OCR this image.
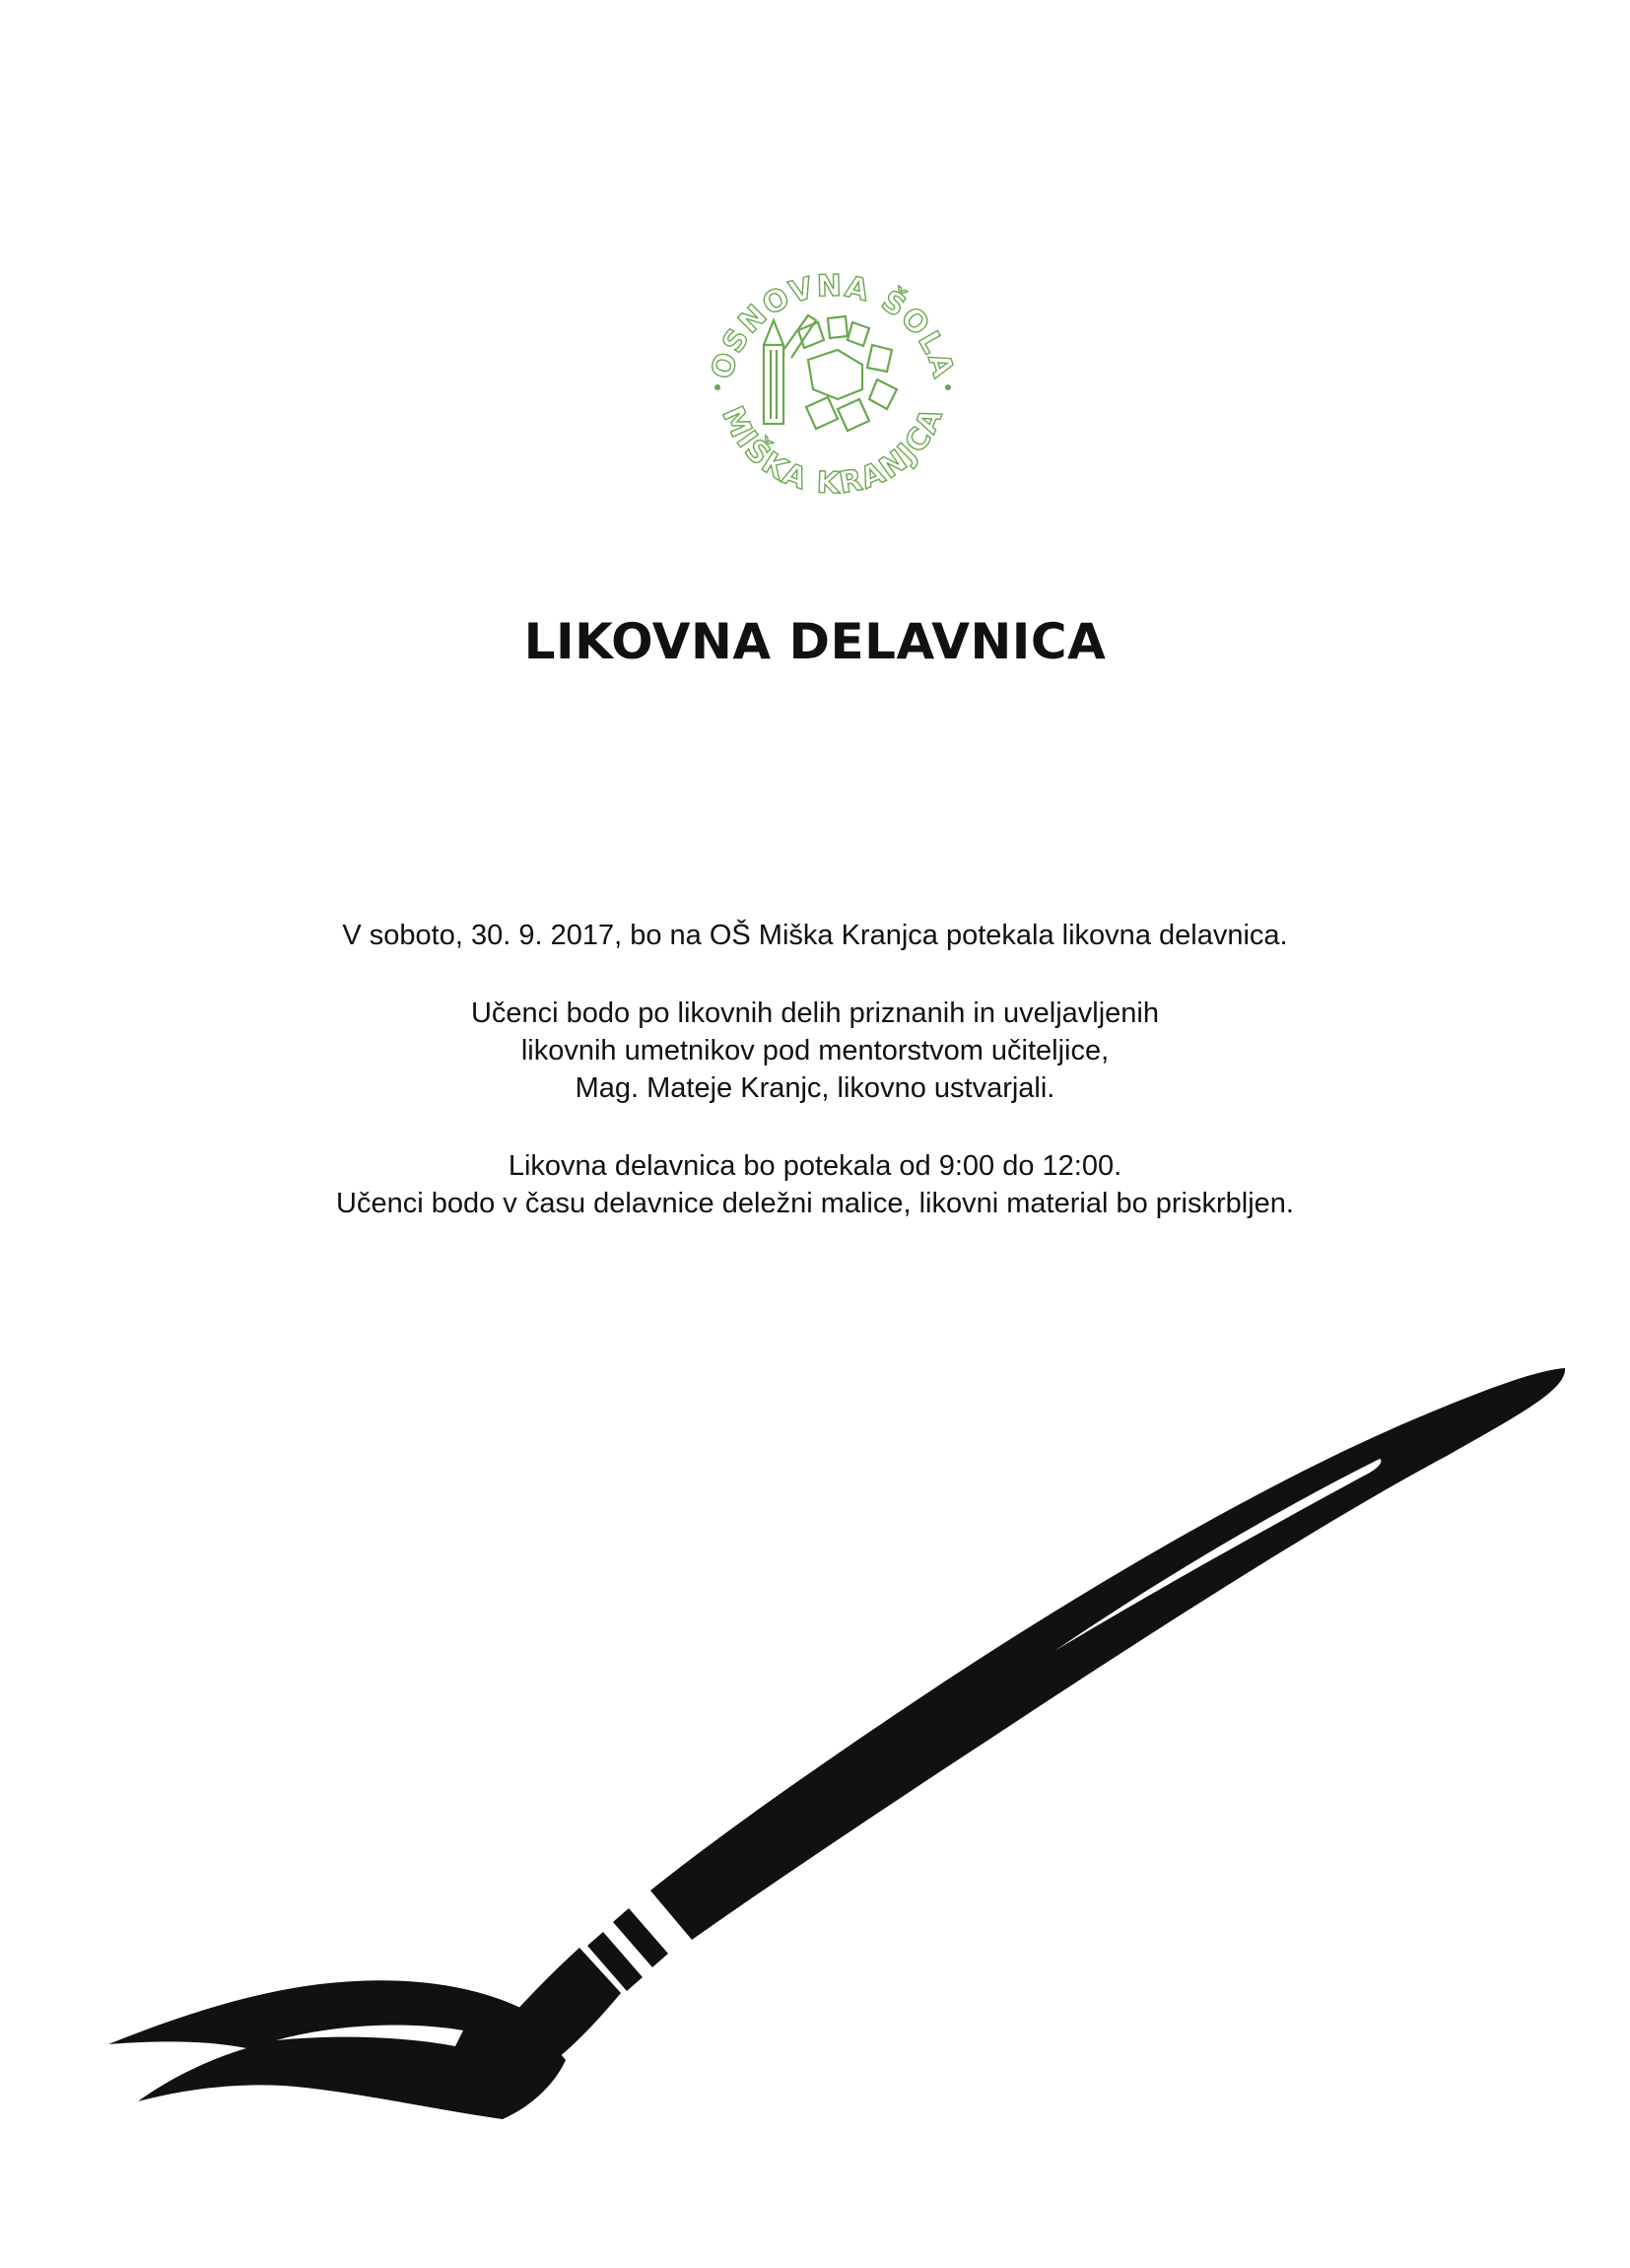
OSNOVNA ŠOLA
MIŠKA KRANJCA
LIKOVNA DELAVNICA

V soboto, 30. 9. 2017, bo na OŠ Miška Kranjca potekala likovna delavnica.

Učenci bodo po likovnih delih priznanih in uveljavljenih

likovnih umetnikov pod mentorstvom učiteljice,

Mag. Mateje Kranjc, likovno ustvarjali.

Likovna delavnica bo potekala od 9:00 do 12:00.

Učenci bodo v času delavnice deležni malice, likovni material bo priskrbljen.
